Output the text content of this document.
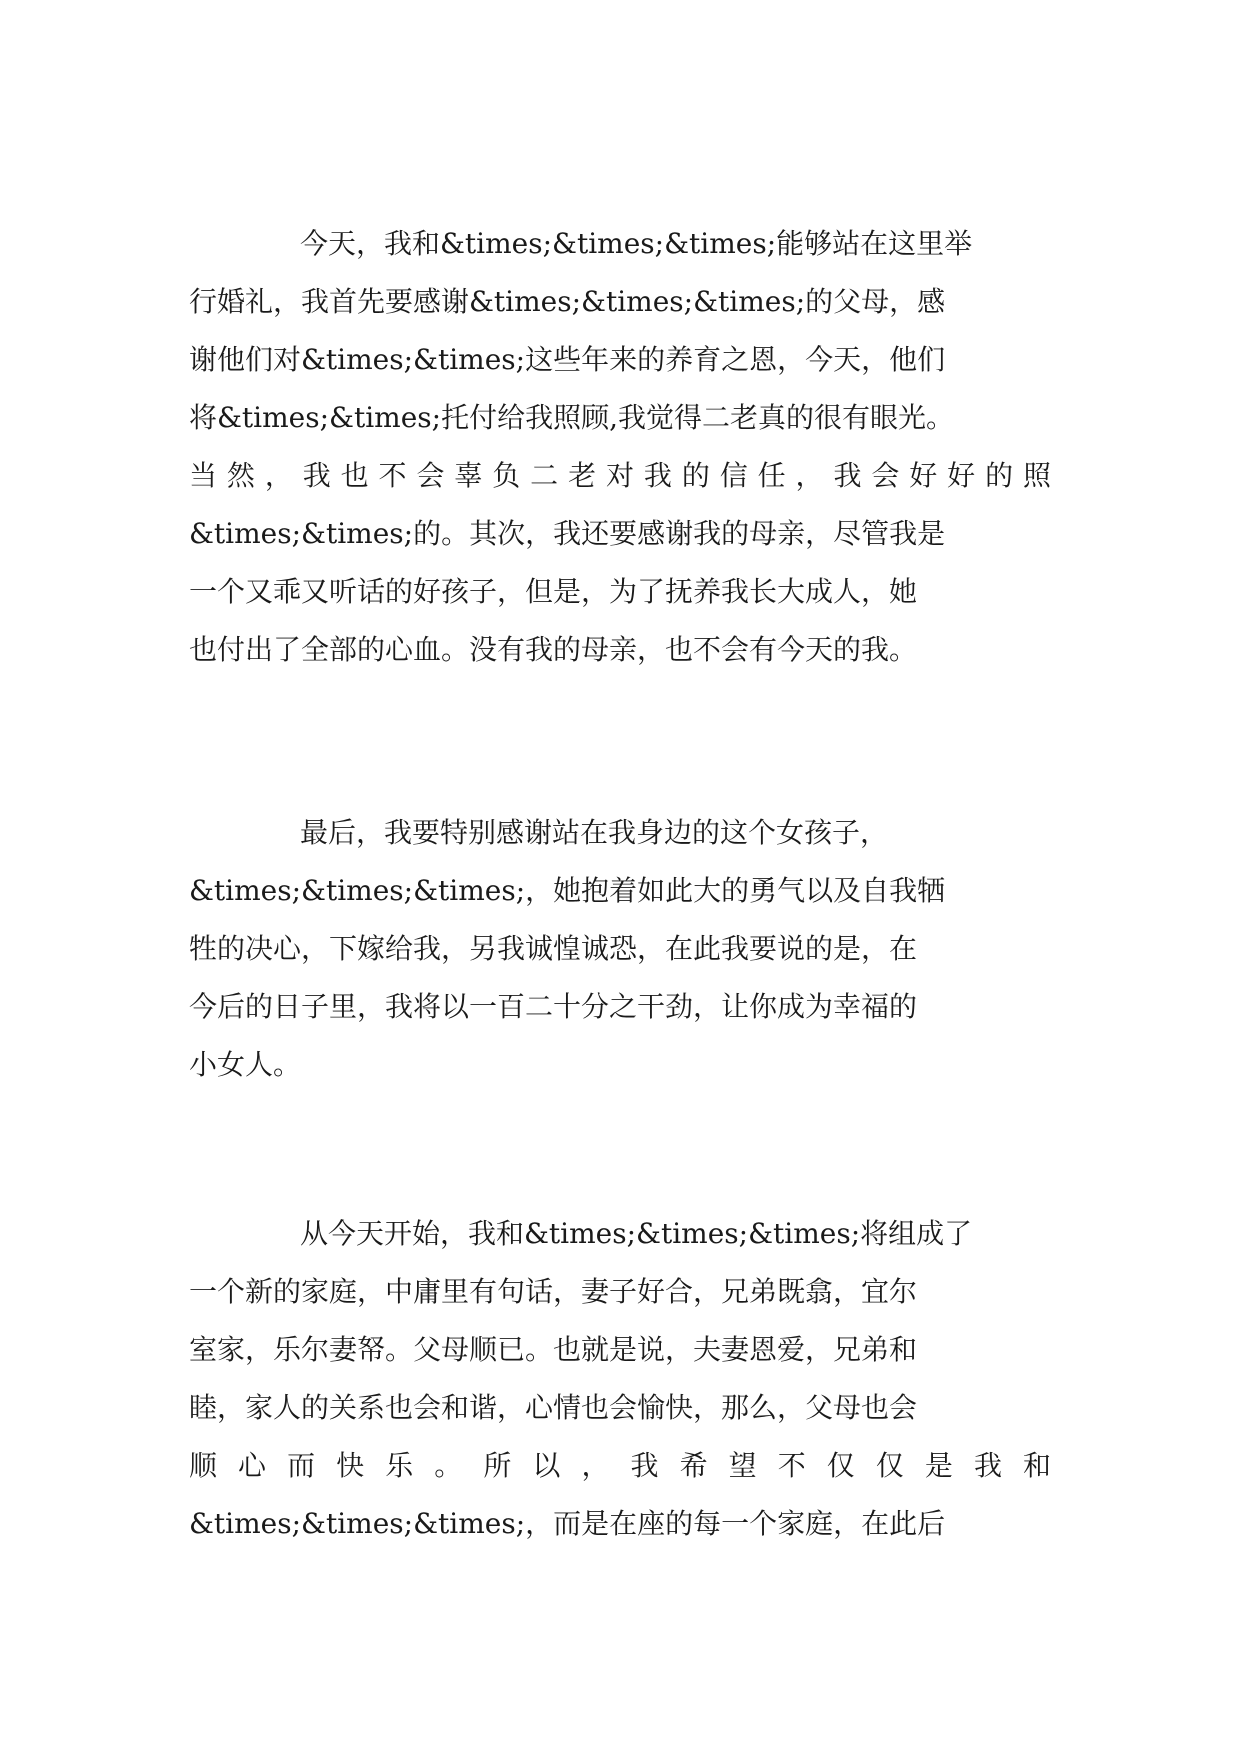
今天，我和&times;&times;&times;能够站在这里举
行婚礼，我首先要感谢&times;&times;&times;的父母，感
谢他们对&times;&times;这些年来的养育之恩，今天，他们
将&times;&times;托付给我照顾,我觉得二老真的很有眼光。
当 然 ， 我 也 不 会 辜 负 二 老 对 我 的 信 任 ， 我 会 好 好 的 照
&times;&times;的。其次，我还要感谢我的母亲，尽管我是
一个又乖又听话的好孩子，但是，为了抚养我长大成人，她
也付出了全部的心血。没有我的母亲，也不会有今天的我。
最后，我要特别感谢站在我身边的这个女孩子，
&times;&times;&times;，她抱着如此大的勇气以及自我牺
牲的决心，下嫁给我，另我诚惶诚恐，在此我要说的是，在
今后的日子里，我将以一百二十分之干劲，让你成为幸福的
小女人。
从今天开始，我和&times;&times;&times;将组成了
一个新的家庭，中庸里有句话，妻子好合，兄弟既翕，宜尔
室家，乐尔妻帑。父母顺已。也就是说，夫妻恩爱，兄弟和
睦，家人的关系也会和谐，心情也会愉快，那么，父母也会
顺 心 而 快 乐 。 所 以 ， 我 希 望 不 仅 仅 是 我 和
&times;&times;&times;，而是在座的每一个家庭，在此后
